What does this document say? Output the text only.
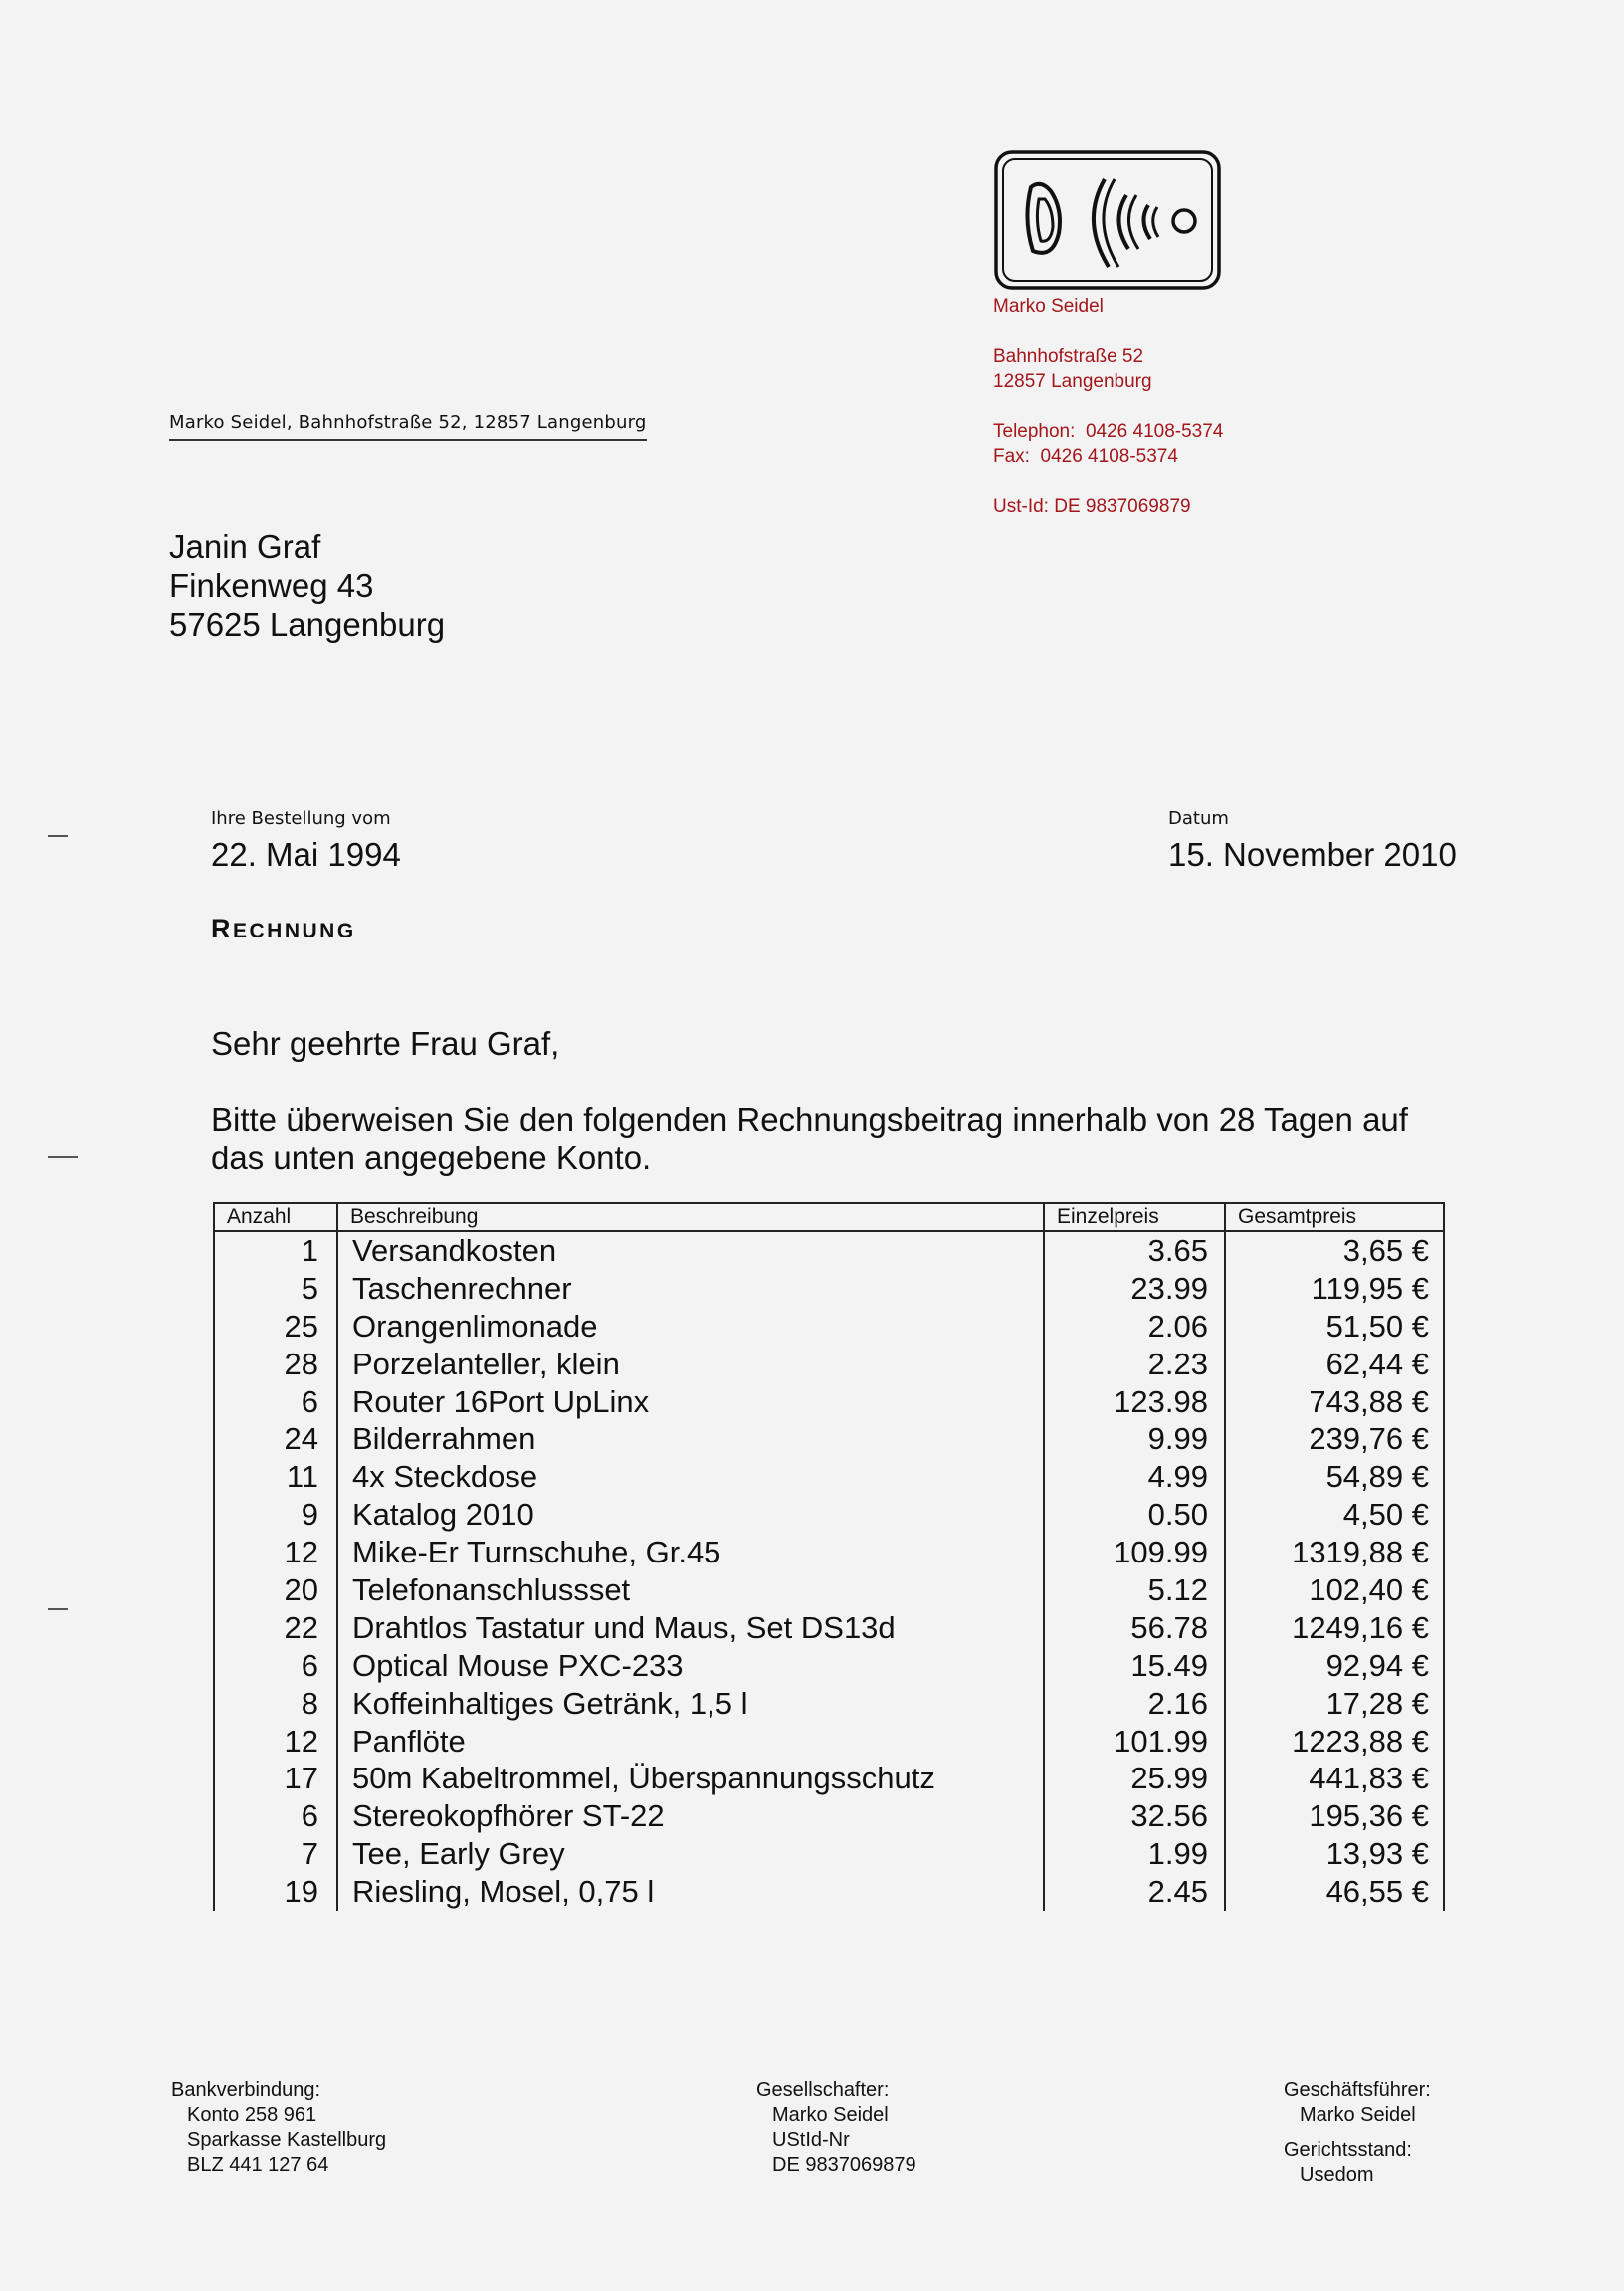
Marko Seidel
Bahnhofstraße 52
12857 Langenburg
Telephon:  0426 4108-5374
Fax:  0426 4108-5374
Ust-Id: DE 9837069879
Marko Seidel, Bahnhofstraße 52, 12857 Langenburg
Janin Graf
Finkenweg 43
57625 Langenburg
Ihre Bestellung vom
22. Mai 1994
Datum
15. November 2010
RECHNUNG
Sehr geehrte Frau Graf,
Bitte überweisen Sie den folgenden Rechnungsbeitrag innerhalb von 28 Tagen auf das unten angegebene Konto.
Anzahl	Beschreibung	Einzelpreis	Gesamtpreis
1	Versandkosten	3.65	3,65 €
5	Taschenrechner	23.99	119,95 €
25	Orangenlimonade	2.06	51,50 €
28	Porzelanteller, klein	2.23	62,44 €
6	Router 16Port UpLinx	123.98	743,88 €
24	Bilderrahmen	9.99	239,76 €
11	4x Steckdose	4.99	54,89 €
9	Katalog 2010	0.50	4,50 €
12	Mike-Er Turnschuhe, Gr.45	109.99	1319,88 €
20	Telefonanschlussset	5.12	102,40 €
22	Drahtlos Tastatur und Maus, Set DS13d	56.78	1249,16 €
6	Optical Mouse PXC-233	15.49	92,94 €
8	Koffeinhaltiges Getränk, 1,5 l	2.16	17,28 €
12	Panflöte	101.99	1223,88 €
17	50m Kabeltrommel, Überspannungsschutz	25.99	441,83 €
6	Stereokopfhörer ST-22	32.56	195,36 €
7	Tee, Early Grey	1.99	13,93 €
19	Riesling, Mosel, 0,75 l	2.45	46,55 €
Bankverbindung:
Konto 258 961
Sparkasse Kastellburg
BLZ 441 127 64
Gesellschafter:
Marko Seidel
UStId-Nr
DE 9837069879
Geschäftsführer:
Marko Seidel
Gerichtsstand:
Usedom
